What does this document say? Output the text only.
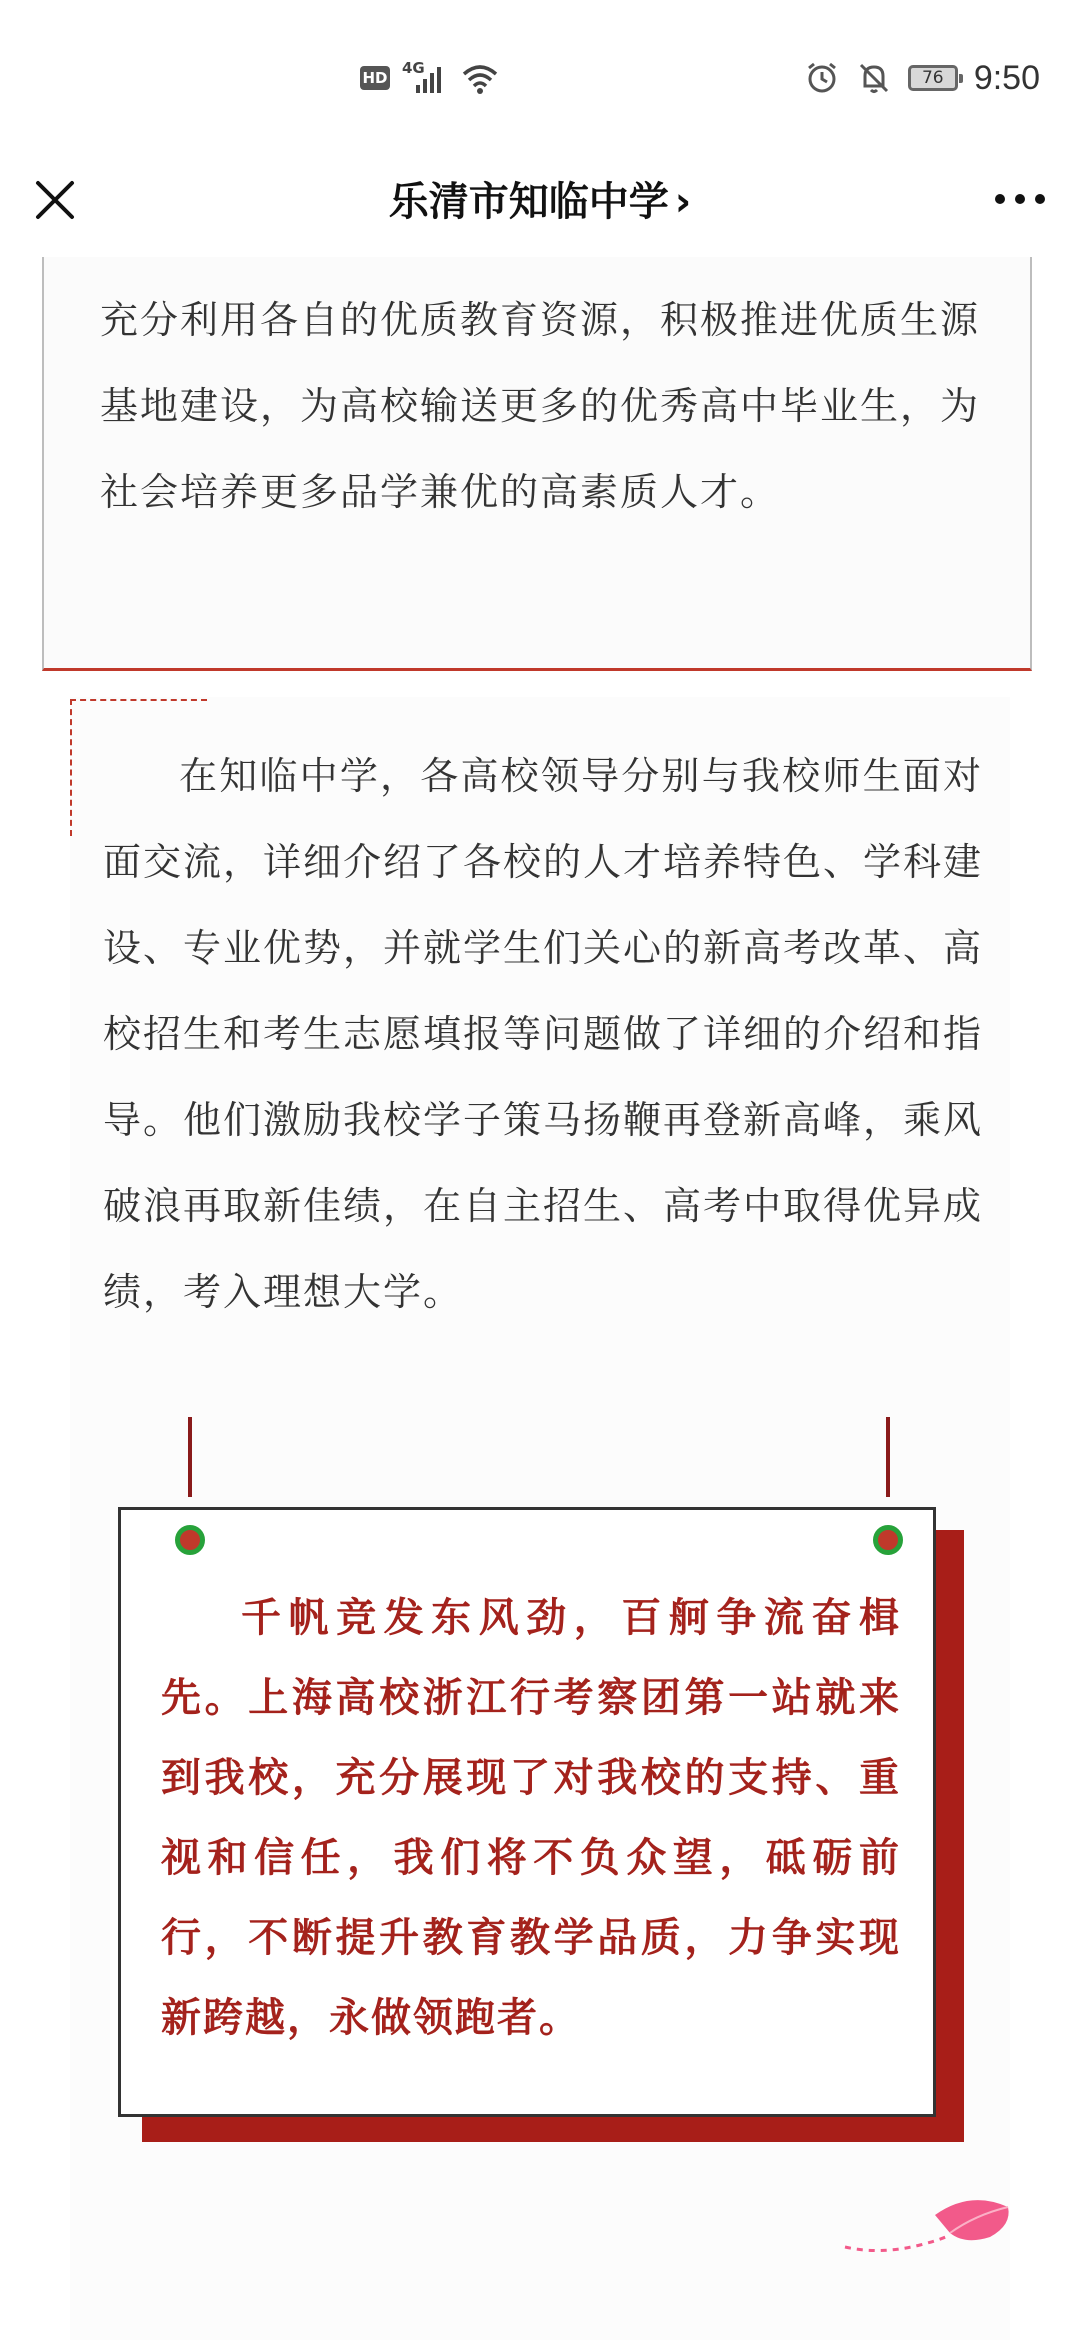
HD
4G	76 9:50
乐清市知临中学 ›

充分利用各自的优质教育资源，积极推进优质生源基地建设，为高校输送更多的优秀高中毕业生，为社会培养更多品学兼优的高素质人才。

在知临中学，各高校领导分别与我校师生面对面交流，详细介绍了各校的人才培养特色、学科建设、专业优势，并就学生们关心的新高考改革、高校招生和考生志愿填报等问题做了详细的介绍和指导。他们激励我校学子策马扬鞭再登新高峰，乘风破浪再取新佳绩，在自主招生、高考中取得优异成绩，考入理想大学。

千帆竞发东风劲，百舸争流奋楫先。上海高校浙江行考察团第一站就来到我校，充分展现了对我校的支持、重视和信任，我们将不负众望，砥砺前行，不断提升教育教学品质，力争实现新跨越，永做领跑者。
